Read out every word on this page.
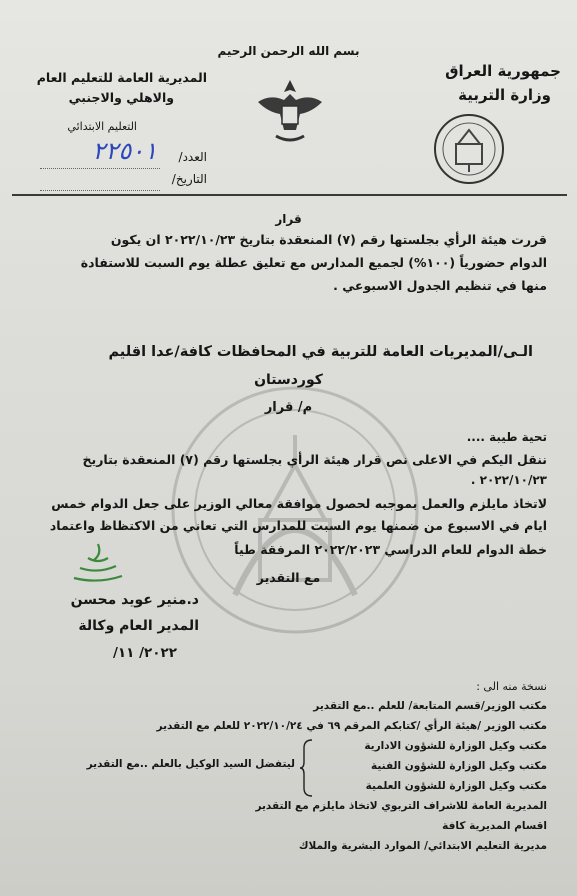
بسم الله الرحمن الرحيم
جمهورية العراق
وزارة التربية
المديرية العامة للتعليم العام
والاهلي والاجنبي
التعليم الابتدائي
العدد/
٢٢٥٠١
التاريخ/
قرار
قررت هيئة الرأي بجلستها رقم (٧) المنعقدة بتاريخ ٢٠٢٢/١٠/٢٣ ان يكون
الدوام حضورياً (١٠٠%) لجميع المدارس مع تعليق عطلة يوم السبت للاستفادة
منها في تنظيم الجدول الاسبوعي .
الـى/المديريات العامة للتربية في المحافظات كافة/عدا اقليم
كوردستان
م/ قرار
تحية طيبة ....
ننقل اليكم في الاعلى نص قرار هيئة الرأي بجلستها رقم (٧) المنعقدة بتاريخ
٢٠٢٢/١٠/٢٣ .
لاتخاذ مايلزم والعمل بموجبه لحصول موافقة معالي الوزير على جعل الدوام خمس
ايام في الاسبوع من ضمنها يوم السبت للمدارس التي تعاني من الاكتظاظ واعتماد
خطة الدوام للعام الدراسي ٢٠٢٢/٢٠٢٣ المرفقة طياً
مع التقدير
د.منير عويد محسن
المدير العام وكالة
٢٠٢٢/ ١١/
نسخة منه الى :
مكتب الوزير/قسم المتابعة/ للعلم ..مع التقدير
مكتب الوزير /هيئة الرأي /كتابكم المرقم ٦٩ في ٢٠٢٢/١٠/٢٤ للعلم مع التقدير
مكتب وكيل الوزارة للشؤون الادارية
مكتب وكيل الوزارة للشؤون الفنية
مكتب وكيل الوزارة للشؤون العلمية
المديرية العامة للاشراف التربوي لاتخاذ مايلزم مع التقدير
اقسام المديرية كافة
مديرية التعليم الابتدائي/ الموارد البشرية والملاك
ليتفضل السيد الوكيل بالعلم ..مع التقدير
